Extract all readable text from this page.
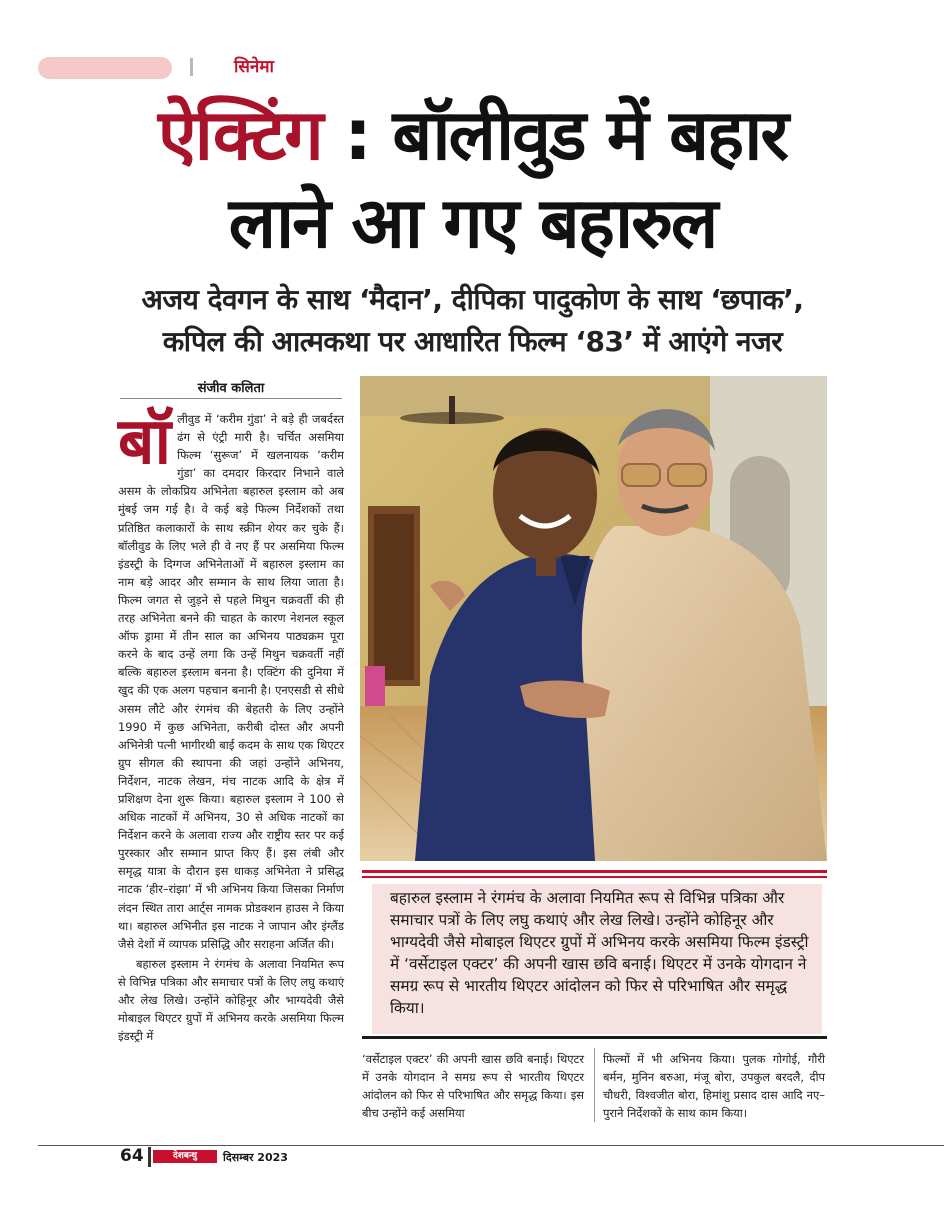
सिनेमा
ऐक्टिंग : बॉलीवुड में बहार
लाने आ गए बहारुल
अजय देवगन के साथ ‘मैदान’, दीपिका पादुकोण के साथ ‘छपाक’,
कपिल की आत्मकथा पर आधारित फिल्म ‘83’ में आएंगे नजर
संजीव कलिता

बॉलीवुड में ‘करीम गुंडा’ ने बड़े ही जबर्दस्त ढंग से एंट्री मारी है। चर्चित असमिया फिल्म ‘सुरूज’ में खलनायक ‘करीम गुंडा’ का दमदार किरदार निभाने वाले असम के लोकप्रिय अभिनेता बहारुल इस्लाम को अब मुंबई जम गई है। वे कई बड़े फिल्म निर्देशकों तथा प्रतिष्ठित कलाकारों के साथ स्क्रीन शेयर कर चुके हैं। बॉलीवुड के लिए भले ही वे नए हैं पर असमिया फिल्म इंडस्ट्री के दिग्गज अभिनेताओं में बहारुल इस्लाम का नाम बड़े आदर और सम्मान के साथ लिया जाता है। फिल्म जगत से जुड़ने से पहले मिथुन चक्रवर्ती की ही तरह अभिनेता बनने की चाहत के कारण नेशनल स्कूल ऑफ ड्रामा में तीन साल का अभिनय पाठ्यक्रम पूरा करने के बाद उन्हें लगा कि उन्हें मिथुन चक्रवर्ती नहीं बल्कि बहारुल इस्लाम बनना है। एक्टिंग की दुनिया में खुद की एक अलग पहचान बनानी है। एनएसडी से सीधे असम लौटे और रंगमंच की बेहतरी के लिए उन्होंने 1990 में कुछ अभिनेता, करीबी दोस्त और अपनी अभिनेत्री पत्नी भागीरथी बाई कदम के साथ एक थिएटर ग्रुप सीगल की स्थापना की जहां उन्होंने अभिनय, निर्देशन, नाटक लेखन, मंच नाटक आदि के क्षेत्र में प्रशिक्षण देना शुरू किया। बहारुल इस्लाम ने 100 से अधिक नाटकों में अभिनय, 30 से अधिक नाटकों का निर्देशन करने के अलावा राज्य और राष्ट्रीय स्तर पर कई पुरस्कार और सम्मान प्राप्त किए हैं। इस लंबी और समृद्ध यात्रा के दौरान इस धाकड़ अभिनेता ने प्रसिद्ध नाटक ‘हीर–रांझा’ में भी अभिनय किया जिसका निर्माण लंदन स्थित तारा आर्ट्स नामक प्रोडक्शन हाउस ने किया था। बहारुल अभिनीत इस नाटक ने जापान और इंग्लैंड जैसे देशों में व्यापक प्रसिद्धि और सराहना अर्जित की।

बहारुल इस्लाम ने रंगमंच के अलावा नियमित रूप से विभिन्न पत्रिका और समाचार पत्रों के लिए लघु कथाएं और लेख लिखे। उन्होंने कोहिनूर और भाग्यदेवी जैसे मोबाइल थिएटर ग्रुपों में अभिनय करके असमिया फिल्म इंडस्ट्री में

बहारुल इस्लाम ने रंगमंच के अलावा नियमित रूप से विभिन्न पत्रिका और समाचार पत्रों के लिए लघु कथाएं और लेख लिखे। उन्होंने कोहिनूर और भाग्यदेवी जैसे मोबाइल थिएटर ग्रुपों में अभिनय करके असमिया फिल्म इंडस्ट्री में ‘वर्सेटाइल एक्टर’ की अपनी खास छवि बनाई। थिएटर में उनके योगदान ने समग्र रूप से भारतीय थिएटर आंदोलन को फिर से परिभाषित और समृद्ध किया।
‘वर्सेटाइल एक्टर’ की अपनी खास छवि बनाई। थिएटर में उनके योगदान ने समग्र रूप से भारतीय थिएटर आंदोलन को फिर से परिभाषित और समृद्ध किया। इस बीच उन्होंने कई असमिया
फिल्मों में भी अभिनय किया। पुलक गोगोई, गौरी बर्मन, मुनिन बरुआ, मंजू बोरा, उपकुल बरदलै, दीप चौधरी, विश्वजीत बोरा, हिमांशु प्रसाद दास आदि नए–पुराने निर्देशकों के साथ काम किया।
64	देशबन्धु	दिसम्बर 2023
